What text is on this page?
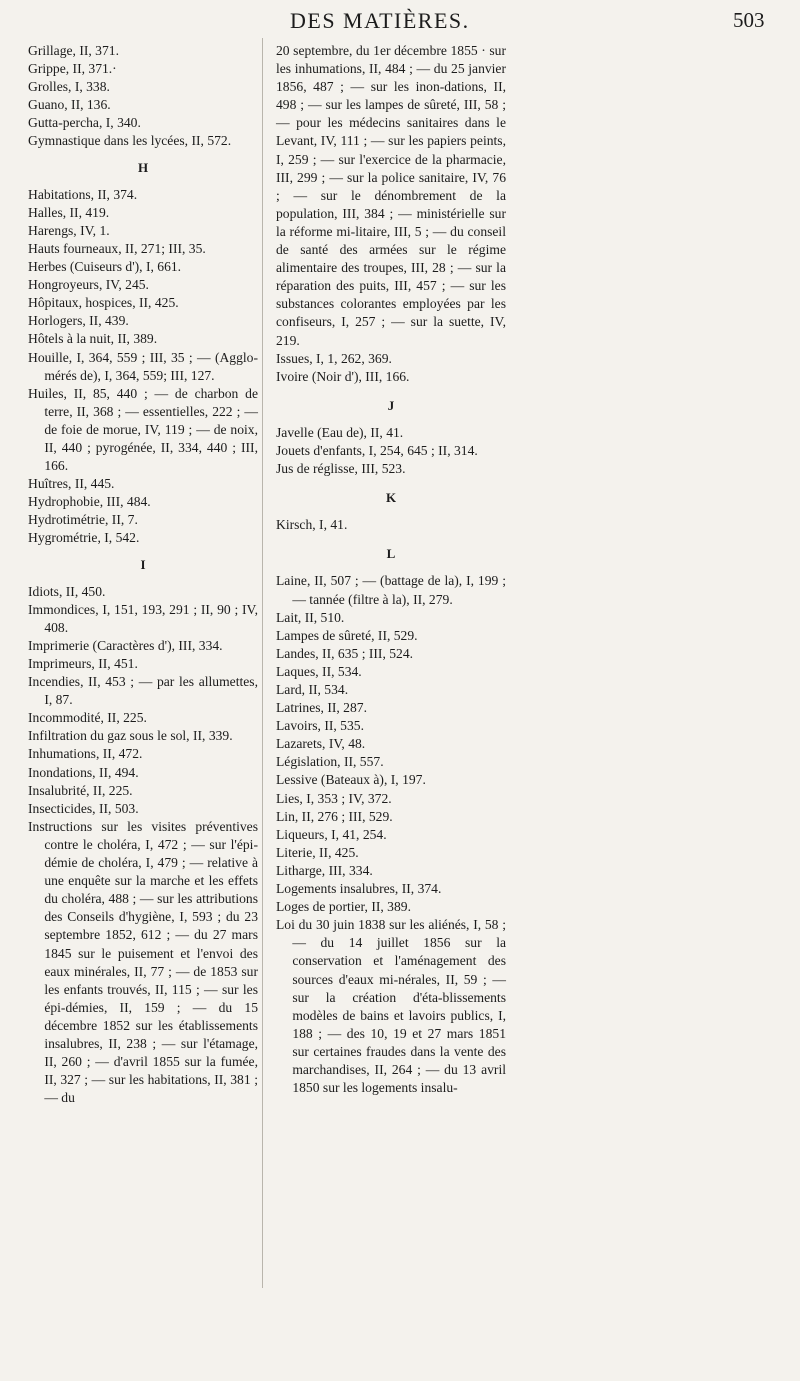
DES MATIÈRES.	503

Grillage, II, 371.

Grippe, II, 371.·

Grolles, I, 338.

Guano, II, 136.

Gutta-percha, I, 340.

Gymnastique dans les lycées, II, 572.

H

Habitations, II, 374.

Halles, II, 419.

Harengs, IV, 1.

Hauts fourneaux, II, 271; III, 35.

Herbes (Cuiseurs d'), I, 661.

Hongroyeurs, IV, 245.

Hôpitaux, hospices, II, 425.

Horlogers, II, 439.

Hôtels à la nuit, II, 389.

Houille, I, 364, 559 ; III, 35 ; — (Agglo-mérés de), I, 364, 559; III, 127.

Huiles, II, 85, 440 ; — de charbon de terre, II, 368 ; — essentielles, 222 ; — de foie de morue, IV, 119 ; — de noix, II, 440 ; pyrogénée, II, 334, 440 ; III, 166.

Huîtres, II, 445.

Hydrophobie, III, 484.

Hydrotimétrie, II, 7.

Hygrométrie, I, 542.

I

Idiots, II, 450.

Immondices, I, 151, 193, 291 ; II, 90 ; IV, 408.

Imprimerie (Caractères d'), III, 334.

Imprimeurs, II, 451.

Incendies, II, 453 ; — par les allumettes, I, 87.

Incommodité, II, 225.

Infiltration du gaz sous le sol, II, 339.

Inhumations, II, 472.

Inondations, II, 494.

Insalubrité, II, 225.

Insecticides, II, 503.

Instructions sur les visites préventives contre le choléra, I, 472 ; — sur l'épi-démie de choléra, I, 479 ; — relative à une enquête sur la marche et les effets du choléra, 488 ; — sur les attributions des Conseils d'hygiène, I, 593 ; du 23 septembre 1852, 612 ; — du 27 mars 1845 sur le puisement et l'envoi des eaux minérales, II, 77 ; — de 1853 sur les enfants trouvés, II, 115 ; — sur les épi-démies, II, 159 ; — du 15 décembre 1852 sur les établissements insalubres, II, 238 ; — sur l'étamage, II, 260 ; — d'avril 1855 sur la fumée, II, 327 ; — sur les habitations, II, 381 ; — du

20 septembre, du 1er décembre 1855 · sur les inhumations, II, 484 ; — du 25 janvier 1856, 487 ; — sur les inon-dations, II, 498 ; — sur les lampes de sûreté, III, 58 ; — pour les médecins sanitaires dans le Levant, IV, 111 ; — sur les papiers peints, I, 259 ; — sur l'exercice de la pharmacie, III, 299 ; — sur la police sanitaire, IV, 76 ; — sur le dénombrement de la population, III, 384 ; — ministérielle sur la réforme mi-litaire, III, 5 ; — du conseil de santé des armées sur le régime alimentaire des troupes, III, 28 ; — sur la réparation des puits, III, 457 ; — sur les substances colorantes employées par les confiseurs, I, 257 ; — sur la suette, IV, 219.

Issues, I, 1, 262, 369.

Ivoire (Noir d'), III, 166.

J

Javelle (Eau de), II, 41.

Jouets d'enfants, I, 254, 645 ; II, 314.

Jus de réglisse, III, 523.

K

Kirsch, I, 41.

L

Laine, II, 507 ; — (battage de la), I, 199 ; — tannée (filtre à la), II, 279.

Lait, II, 510.

Lampes de sûreté, II, 529.

Landes, II, 635 ; III, 524.

Laques, II, 534.

Lard, II, 534.

Latrines, II, 287.

Lavoirs, II, 535.

Lazarets, IV, 48.

Législation, II, 557.

Lessive (Bateaux à), I, 197.

Lies, I, 353 ; IV, 372.

Lin, II, 276 ; III, 529.

Liqueurs, I, 41, 254.

Literie, II, 425.

Litharge, III, 334.

Logements insalubres, II, 374.

Loges de portier, II, 389.

Loi du 30 juin 1838 sur les aliénés, I, 58 ; — du 14 juillet 1856 sur la conservation et l'aménagement des sources d'eaux mi-nérales, II, 59 ; — sur la création d'éta-blissements modèles de bains et lavoirs publics, I, 188 ; — des 10, 19 et 27 mars 1851 sur certaines fraudes dans la vente des marchandises, II, 264 ; — du 13 avril 1850 sur les logements insalu-
